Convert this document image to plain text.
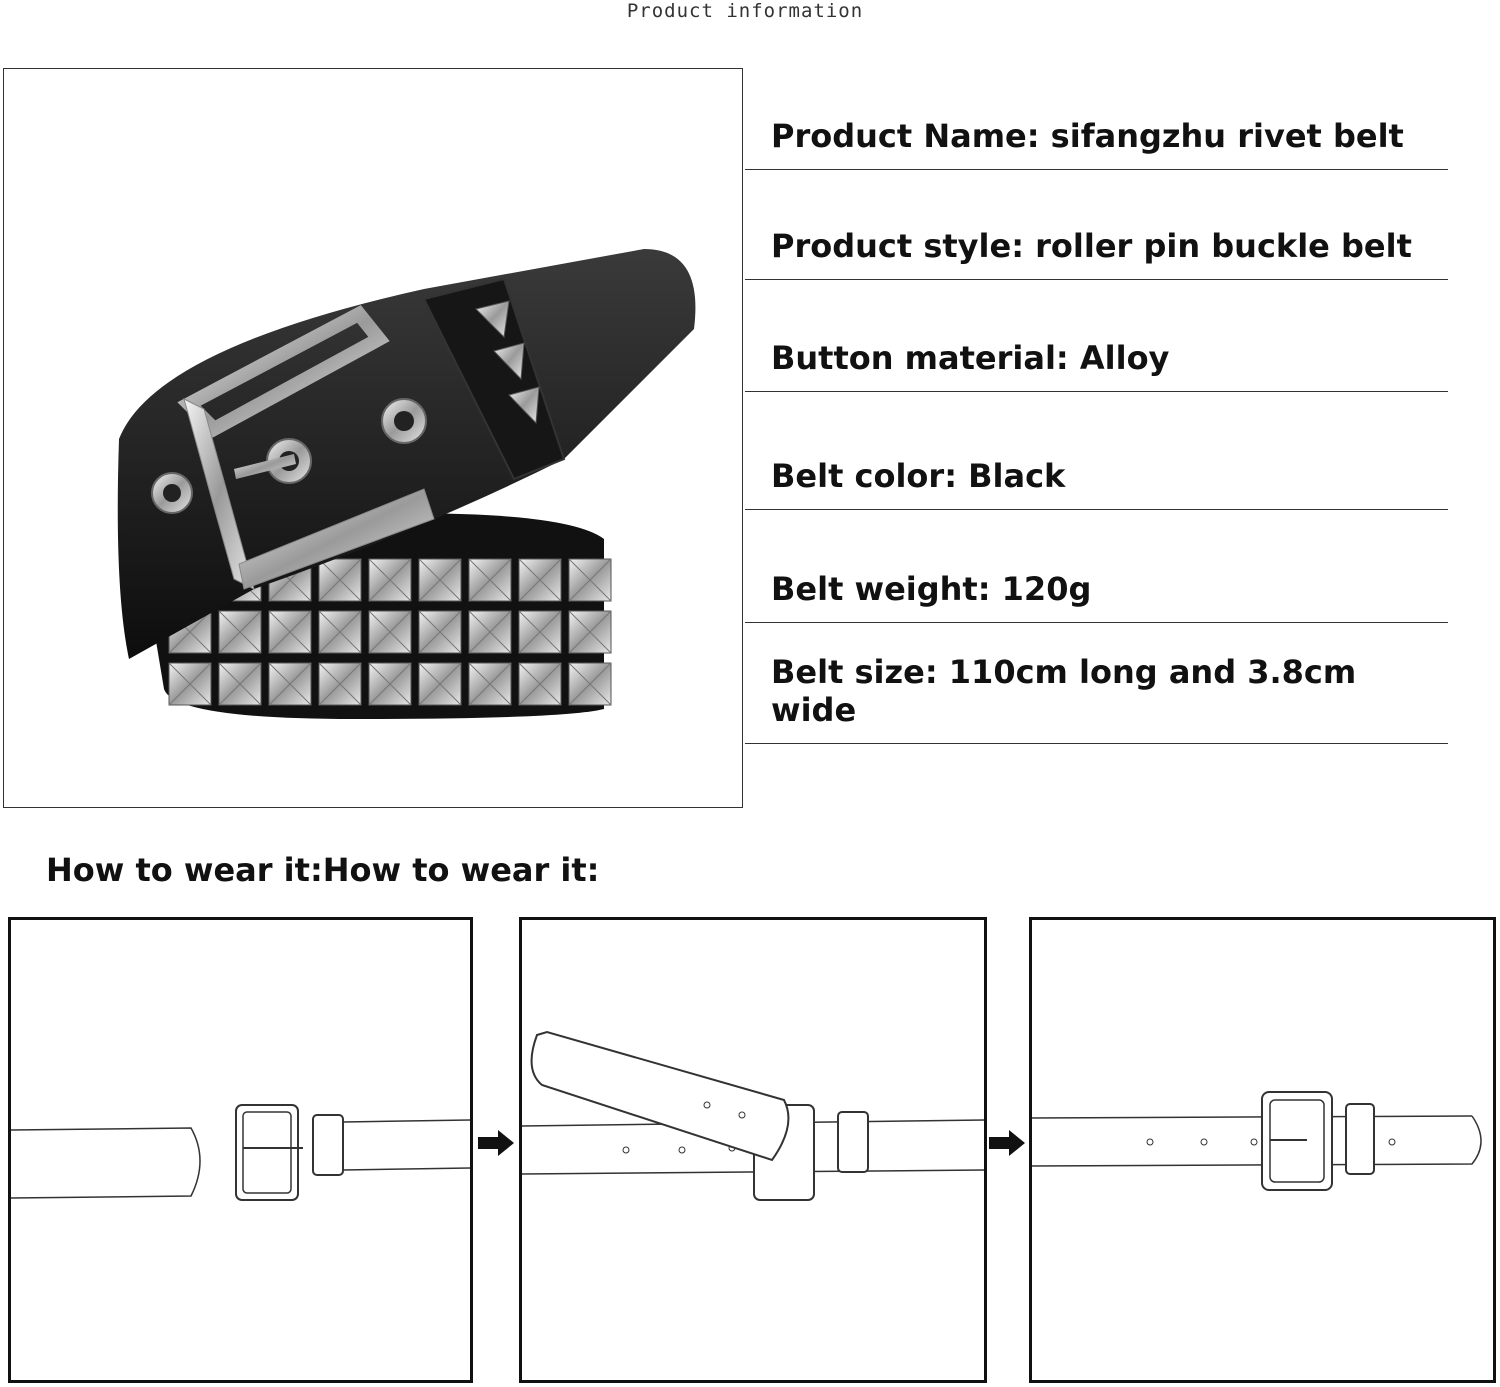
Product information
Product Name: sifangzhu rivet belt
Product style: roller pin buckle belt
Button material: Alloy
Belt color: Black
Belt weight: 120g
Belt size: 110cm long and 3.8cm wide
How to wear it:How to wear it:
